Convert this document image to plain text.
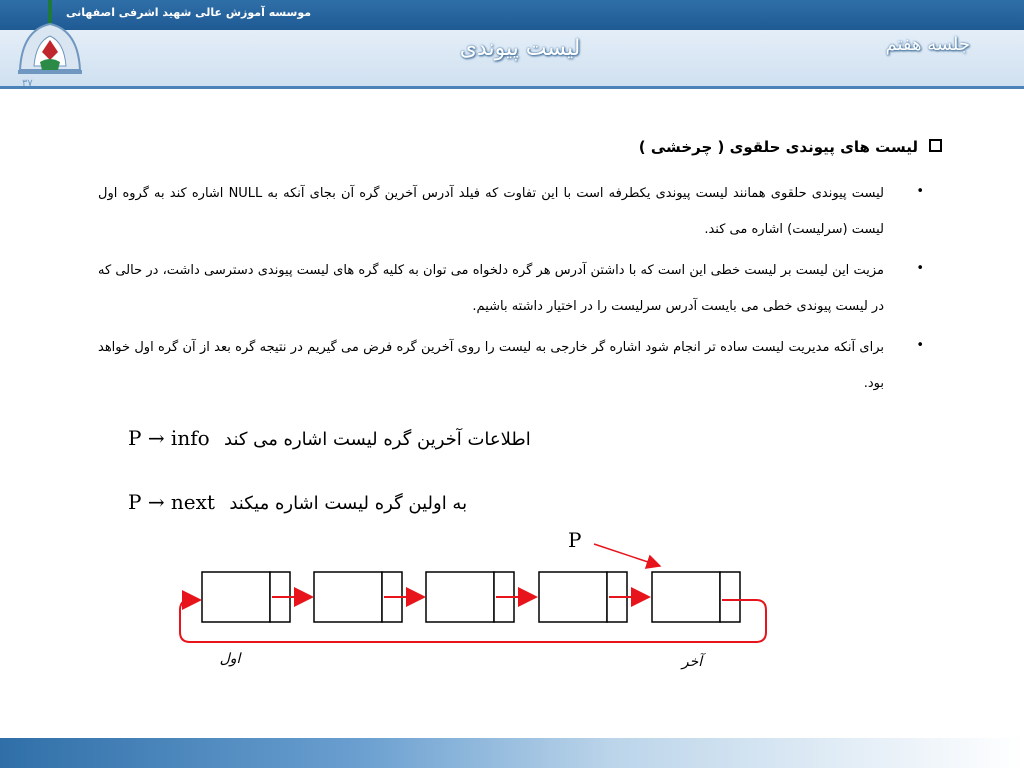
موسسه آموزش عالی شهید اشرفی اصفهانی
لیست پیوندی	جلسه هفتم
٣٧
لیست های پیوندی حلقوی ( چرخشی )
•
لیست پیوندی حلقوی همانند لیست پیوندی یکطرفه است با این تفاوت که فیلد آدرس آخرین گره آن بجای آنکه به NULL اشاره کند به گروه اول لیست (سرلیست) اشاره می کند.
•
مزیت این لیست بر لیست خطی این است که با داشتن آدرس هر گره دلخواه می توان به کلیه گره های لیست پیوندی دسترسی داشت، در حالی که در لیست پیوندی خطی می بایست آدرس سرلیست را در اختیار داشته باشیم.
•
برای آنکه مدیریت لیست ساده تر انجام شود اشاره گر خارجی به لیست را روی آخرین گره فرض می گیریم در نتیجه گره بعد از آن گره اول خواهد بود.
P → info اطلاعات آخرین گره لیست اشاره می کند
P → next به اولین گره لیست اشاره میکند
P
اول	آخر
